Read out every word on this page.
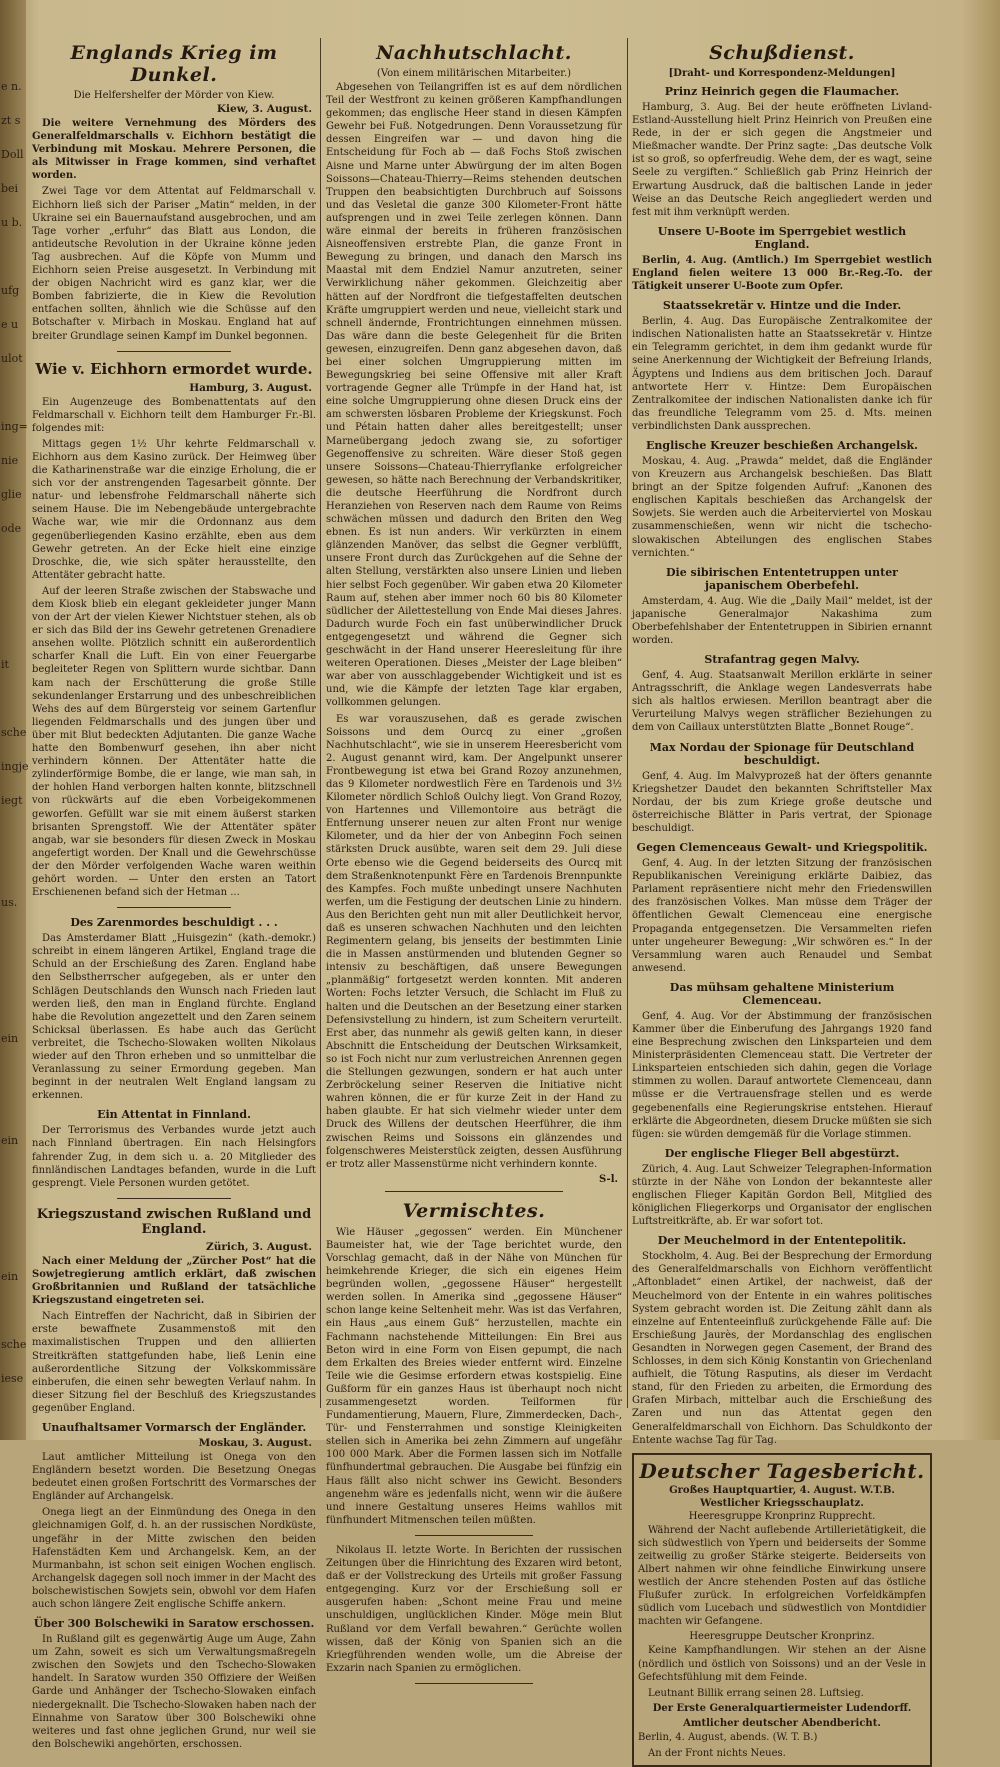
e n.
zt s
Doll
bei
u b.
ufg
e u
ulot
ing=
nie
glie
ode
it
sche
ingje
iegt
us.
ein
ein
ein
sche
iese
Englands Krieg im Dunkel.
Die Helfershelfer der Mörder von Kiew.
Kiew, 3. August.

Die weitere Vernehmung des Mörders des Generalfeldmarschalls v. Eichhorn bestätigt die Verbindung mit Moskau. Mehrere Personen, die als Mitwisser in Frage kommen, sind verhaftet worden.

Zwei Tage vor dem Attentat auf Feldmarschall v. Eichhorn ließ sich der Pariser „Matin“ melden, in der Ukraine sei ein Bauernaufstand ausgebrochen, und am Tage vorher „erfuhr“ das Blatt aus London, die antideutsche Revolution in der Ukraine könne jeden Tag ausbrechen. Auf die Köpfe von Mumm und Eichhorn seien Preise ausgesetzt. In Verbindung mit der obigen Nachricht wird es ganz klar, wer die Bomben fabrizierte, die in Kiew die Revolution entfachen sollten, ähnlich wie die Schüsse auf den Botschafter v. Mirbach in Moskau. England hat auf breiter Grundlage seinen Kampf im Dunkel begonnen.

Wie v. Eichhorn ermordet wurde.
Hamburg, 3. August.

Ein Augenzeuge des Bombenattentats auf den Feldmarschall v. Eichhorn teilt dem Hamburger Fr.-Bl. folgendes mit:

Mittags gegen 1½ Uhr kehrte Feldmarschall v. Eichhorn aus dem Kasino zurück. Der Heimweg über die Katharinenstraße war die einzige Erholung, die er sich vor der anstrengenden Tagesarbeit gönnte. Der natur- und lebensfrohe Feldmarschall näherte sich seinem Hause. Die im Nebengebäude untergebrachte Wache war, wie mir die Ordonnanz aus dem gegenüberliegenden Kasino erzählte, eben aus dem Gewehr getreten. An der Ecke hielt eine einzige Droschke, die, wie sich später herausstellte, den Attentäter gebracht hatte.

Auf der leeren Straße zwischen der Stabswache und dem Kiosk blieb ein elegant gekleideter junger Mann von der Art der vielen Kiewer Nichtstuer stehen, als ob er sich das Bild der ins Gewehr getretenen Grenadiere ansehen wollte. Plötzlich schnitt ein außerordentlich scharfer Knall die Luft. Ein von einer Feuergarbe begleiteter Regen von Splittern wurde sichtbar. Dann kam nach der Erschütterung die große Stille sekundenlanger Erstarrung und des unbeschreiblichen Wehs des auf dem Bürgersteig vor seinem Gartenflur liegenden Feldmarschalls und des jungen über und über mit Blut bedeckten Adjutanten. Die ganze Wache hatte den Bombenwurf gesehen, ihn aber nicht verhindern können. Der Attentäter hatte die zylinderförmige Bombe, die er lange, wie man sah, in der hohlen Hand verborgen halten konnte, blitzschnell von rückwärts auf die eben Vorbeigekommenen geworfen. Gefüllt war sie mit einem äußerst starken brisanten Sprengstoff. Wie der Attentäter später angab, war sie besonders für diesen Zweck in Moskau angefertigt worden. Der Knall und die Gewehrschüsse der den Mörder verfolgenden Wache waren weithin gehört worden. — Unter den ersten an Tatort Erschienenen befand sich der Hetman ...

Des Zarenmordes beschuldigt . . .

Das Amsterdamer Blatt „Huisgezin“ (kath.-demokr.) schreibt in einem längeren Artikel, England trage die Schuld an der Erschießung des Zaren. England habe den Selbstherrscher aufgegeben, als er unter den Schlägen Deutschlands den Wunsch nach Frieden laut werden ließ, den man in England fürchte. England habe die Revolution angezettelt und den Zaren seinem Schicksal überlassen. Es habe auch das Gerücht verbreitet, die Tschecho-Slowaken wollten Nikolaus wieder auf den Thron erheben und so unmittelbar die Veranlassung zu seiner Ermordung gegeben. Man beginnt in der neutralen Welt England langsam zu erkennen.

Ein Attentat in Finnland.

Der Terrorismus des Verbandes wurde jetzt auch nach Finnland übertragen. Ein nach Helsingfors fahrender Zug, in dem sich u. a. 20 Mitglieder des finnländischen Landtages befanden, wurde in die Luft gesprengt. Viele Personen wurden getötet.

Kriegszustand zwischen Rußland und England.
Zürich, 3. August.

Nach einer Meldung der „Zürcher Post“ hat die Sowjetregierung amtlich erklärt, daß zwischen Großbritannien und Rußland der tatsächliche Kriegszustand eingetreten sei.

Nach Eintreffen der Nachricht, daß in Sibirien der erste bewaffnete Zusammenstoß mit den maximalistischen Truppen und den alliierten Streitkräften stattgefunden habe, ließ Lenin eine außerordentliche Sitzung der Volkskommissäre einberufen, die einen sehr bewegten Verlauf nahm. In dieser Sitzung fiel der Beschluß des Kriegszustandes gegenüber England.

Unaufhaltsamer Vormarsch der Engländer.
Moskau, 3. August.

Laut amtlicher Mitteilung ist Onega von den Engländern besetzt worden. Die Besetzung Onegas bedeutet einen großen Fortschritt des Vormarsches der Engländer auf Archangelsk.

Onega liegt an der Einmündung des Onega in den gleichnamigen Golf, d. h. an der russischen Nordküste, ungefähr in der Mitte zwischen den beiden Hafenstädten Kem und Archangelsk. Kem, an der Murmanbahn, ist schon seit einigen Wochen englisch. Archangelsk dagegen soll noch immer in der Macht des bolschewistischen Sowjets sein, obwohl vor dem Hafen auch schon längere Zeit englische Schiffe ankern.

Über 300 Bolschewiki in Saratow erschossen.

In Rußland gilt es gegenwärtig Auge um Auge, Zahn um Zahn, soweit es sich um Verwaltungsmaßregeln zwischen den Sowjets und den Tschecho-Slowaken handelt. In Saratow wurden 350 Offiziere der Weißen Garde und Anhänger der Tschecho-Slowaken einfach niedergeknallt. Die Tschecho-Slowaken haben nach der Einnahme von Saratow über 300 Bolschewiki ohne weiteres und fast ohne jeglichen Grund, nur weil sie den Bolschewiki angehörten, erschossen.

Nachhutschlacht.
(Von einem militärischen Mitarbeiter.)

Abgesehen von Teilangriffen ist es auf dem nördlichen Teil der Westfront zu keinen größeren Kampfhandlungen gekommen; das englische Heer stand in diesen Kämpfen Gewehr bei Fuß. Notgedrungen. Denn Voraussetzung für dessen Eingreifen war — und davon hing die Entscheidung für Foch ab — daß Fochs Stoß zwischen Aisne und Marne unter Abwürgung der im alten Bogen Soissons—Chateau-Thierry—Reims stehenden deutschen Truppen den beabsichtigten Durchbruch auf Soissons und das Vesletal die ganze 300 Kilometer-Front hätte aufsprengen und in zwei Teile zerlegen können. Dann wäre einmal der bereits in früheren französischen Aisneoffensiven erstrebte Plan, die ganze Front in Bewegung zu bringen, und danach den Marsch ins Maastal mit dem Endziel Namur anzutreten, seiner Verwirklichung näher gekommen. Gleichzeitig aber hätten auf der Nordfront die tiefgestaffelten deutschen Kräfte umgruppiert werden und neue, vielleicht stark und schnell ändernde, Frontrichtungen einnehmen müssen. Das wäre dann die beste Gelegenheit für die Briten gewesen, einzugreifen. Denn ganz abgesehen davon, daß bei einer solchen Umgruppierung mitten im Bewegungskrieg bei seine Offensive mit aller Kraft vortragende Gegner alle Trümpfe in der Hand hat, ist eine solche Umgruppierung ohne diesen Druck eins der am schwersten lösbaren Probleme der Kriegskunst. Foch und Pétain hatten daher alles bereitgestellt; unser Marneübergang jedoch zwang sie, zu sofortiger Gegenoffensive zu schreiten. Wäre dieser Stoß gegen unsere Soissons—Chateau-Thierryflanke erfolgreicher gewesen, so hätte nach Berechnung der Verbandskritiker, die deutsche Heerführung die Nordfront durch Heranziehen von Reserven nach dem Raume von Reims schwächen müssen und dadurch den Briten den Weg ebnen. Es ist nun anders. Wir verkürzten in einem glänzenden Manöver, das selbst die Gegner verblüfft, unsere Front durch das Zurückgehen auf die Sehne der alten Stellung, verstärkten also unsere Linien und lieben hier selbst Foch gegenüber. Wir gaben etwa 20 Kilometer Raum auf, stehen aber immer noch 60 bis 80 Kilometer südlicher der Ailettestellung von Ende Mai dieses Jahres. Dadurch wurde Foch ein fast unüberwindlicher Druck entgegengesetzt und während die Gegner sich geschwächt in der Hand unserer Heeresleitung für ihre weiteren Operationen. Dieses „Meister der Lage bleiben“ war aber von ausschlaggebender Wichtigkeit und ist es und, wie die Kämpfe der letzten Tage klar ergaben, vollkommen gelungen.

Es war vorauszusehen, daß es gerade zwischen Soissons und dem Ourcq zu einer „großen Nachhutschlacht“, wie sie in unserem Heeresbericht vom 2. August genannt wird, kam. Der Angelpunkt unserer Frontbewegung ist etwa bei Grand Rozoy anzunehmen, das 9 Kilometer nordwestlich Fère en Tardenois und 3½ Kilometer nördlich Schloß Oulchy liegt. Von Grand Rozoy, von Hartennes und Villemontoire aus beträgt die Entfernung unserer neuen zur alten Front nur wenige Kilometer, und da hier der von Anbeginn Foch seinen stärksten Druck ausübte, waren seit dem 29. Juli diese Orte ebenso wie die Gegend beiderseits des Ourcq mit dem Straßenknotenpunkt Fère en Tardenois Brennpunkte des Kampfes. Foch mußte unbedingt unsere Nachhuten werfen, um die Festigung der deutschen Linie zu hindern. Aus den Berichten geht nun mit aller Deutlichkeit hervor, daß es unseren schwachen Nachhuten und den leichten Regimentern gelang, bis jenseits der bestimmten Linie die in Massen anstürmenden und blutenden Gegner so intensiv zu beschäftigen, daß unsere Bewegungen „planmäßig“ fortgesetzt werden konnten. Mit anderen Worten: Fochs letzter Versuch, die Schlacht im Fluß zu halten und die Deutschen an der Besetzung einer starken Defensivstellung zu hindern, ist zum Scheitern verurteilt. Erst aber, das nunmehr als gewiß gelten kann, in dieser Abschnitt die Entscheidung der Deutschen Wirksamkeit, so ist Foch nicht nur zum verlustreichen Anrennen gegen die Stellungen gezwungen, sondern er hat auch unter Zerbröckelung seiner Reserven die Initiative nicht wahren können, die er für kurze Zeit in der Hand zu haben glaubte. Er hat sich vielmehr wieder unter dem Druck des Willens der deutschen Heerführer, die ihm zwischen Reims und Soissons ein glänzendes und folgenschweres Meisterstück zeigten, dessen Ausführung er trotz aller Massenstürme nicht verhindern konnte.

S-l.
Vermischtes.

Wie Häuser „gegossen“ werden. Ein Münchener Baumeister hat, wie der Tage berichtet wurde, den Vorschlag gemacht, daß in der Nähe von München für heimkehrende Krieger, die sich ein eigenes Heim begründen wollen, „gegossene Häuser“ hergestellt werden sollen. In Amerika sind „gegossene Häuser“ schon lange keine Seltenheit mehr. Was ist das Verfahren, ein Haus „aus einem Guß“ herzustellen, machte ein Fachmann nachstehende Mitteilungen: Ein Brei aus Beton wird in eine Form von Eisen gepumpt, die nach dem Erkalten des Breies wieder entfernt wird. Einzelne Teile wie die Gesimse erfordern etwas kostspielig. Eine Gußform für ein ganzes Haus ist überhaupt noch nicht zusammengesetzt worden. Teilformen für Fundamentierung, Mauern, Flure, Zimmerdecken, Dach-, Tür- und Fensterrahmen und sonstige Kleinigkeiten stellen sich in Amerika bei zehn Zimmern auf ungefähr 100 000 Mark. Aber die Formen lassen sich im Notfalle fünfhundertmal gebrauchen. Die Ausgabe bei fünfzig ein Haus fällt also nicht schwer ins Gewicht. Besonders angenehm wäre es jedenfalls nicht, wenn wir die äußere und innere Gestaltung unseres Heims wahllos mit fünfhundert Mitmenschen teilen müßten.

Nikolaus II. letzte Worte. In Berichten der russischen Zeitungen über die Hinrichtung des Exzaren wird betont, daß er der Vollstreckung des Urteils mit großer Fassung entgegenging. Kurz vor der Erschießung soll er ausgerufen haben: „Schont meine Frau und meine unschuldigen, unglücklichen Kinder. Möge mein Blut Rußland vor dem Verfall bewahren.“ Gerüchte wollen wissen, daß der König von Spanien sich an die Kriegführenden wenden wolle, um die Abreise der Exzarin nach Spanien zu ermöglichen.

Schußdienst.
[Draht- und Korrespondenz-Meldungen]
Prinz Heinrich gegen die Flaumacher.

Hamburg, 3. Aug. Bei der heute eröffneten Livland-Estland-Ausstellung hielt Prinz Heinrich von Preußen eine Rede, in der er sich gegen die Angstmeier und Mießmacher wandte. Der Prinz sagte: „Das deutsche Volk ist so groß, so opferfreudig. Wehe dem, der es wagt, seine Seele zu vergiften.“ Schließlich gab Prinz Heinrich der Erwartung Ausdruck, daß die baltischen Lande in jeder Weise an das Deutsche Reich angegliedert werden und fest mit ihm verknüpft werden.

Unsere U-Boote im Sperrgebiet westlich England.

Berlin, 4. Aug. (Amtlich.) Im Sperrgebiet westlich England fielen weitere 13 000 Br.-Reg.-To. der Tätigkeit unserer U-Boote zum Opfer.

Staatssekretär v. Hintze und die Inder.

Berlin, 4. Aug. Das Europäische Zentralkomitee der indischen Nationalisten hatte an Staatssekretär v. Hintze ein Telegramm gerichtet, in dem ihm gedankt wurde für seine Anerkennung der Wichtigkeit der Befreiung Irlands, Ägyptens und Indiens aus dem britischen Joch. Darauf antwortete Herr v. Hintze: Dem Europäischen Zentralkomitee der indischen Nationalisten danke ich für das freundliche Telegramm vom 25. d. Mts. meinen verbindlichsten Dank aussprechen.

Englische Kreuzer beschießen Archangelsk.

Moskau, 4. Aug. „Prawda“ meldet, daß die Engländer von Kreuzern aus Archangelsk beschießen. Das Blatt bringt an der Spitze folgenden Aufruf: „Kanonen des englischen Kapitals beschießen das Archangelsk der Sowjets. Sie werden auch die Arbeiterviertel von Moskau zusammenschießen, wenn wir nicht die tschecho-slowakischen Abteilungen des englischen Stabes vernichten.“

Die sibirischen Ententetruppen unter japanischem Oberbefehl.

Amsterdam, 4. Aug. Wie die „Daily Mail“ meldet, ist der japanische Generalmajor Nakashima zum Oberbefehlshaber der Ententetruppen in Sibirien ernannt worden.

Strafantrag gegen Malvy.

Genf, 4. Aug. Staatsanwalt Merillon erklärte in seiner Antragsschrift, die Anklage wegen Landesverrats habe sich als haltlos erwiesen. Merillon beantragt aber die Verurteilung Malvys wegen sträflicher Beziehungen zu dem von Caillaux unterstützten Blatte „Bonnet Rouge“.

Max Nordau der Spionage für Deutschland beschuldigt.

Genf, 4. Aug. Im Malvyprozeß hat der öfters genannte Kriegshetzer Daudet den bekannten Schriftsteller Max Nordau, der bis zum Kriege große deutsche und österreichische Blätter in Paris vertrat, der Spionage beschuldigt.

Gegen Clemenceaus Gewalt- und Kriegspolitik.

Genf, 4. Aug. In der letzten Sitzung der französischen Republikanischen Vereinigung erklärte Daibiez, das Parlament repräsentiere nicht mehr den Friedenswillen des französischen Volkes. Man müsse dem Träger der öffentlichen Gewalt Clemenceau eine energische Propaganda entgegensetzen. Die Versammelten riefen unter ungeheurer Bewegung: „Wir schwören es.“ In der Versammlung waren auch Renaudel und Sembat anwesend.

Das mühsam gehaltene Ministerium Clemenceau.

Genf, 4. Aug. Vor der Abstimmung der französischen Kammer über die Einberufung des Jahrgangs 1920 fand eine Besprechung zwischen den Linksparteien und dem Ministerpräsidenten Clemenceau statt. Die Vertreter der Linksparteien entschieden sich dahin, gegen die Vorlage stimmen zu wollen. Darauf antwortete Clemenceau, dann müsse er die Vertrauensfrage stellen und es werde gegebenenfalls eine Regierungskrise entstehen. Hierauf erklärte die Abgeordneten, diesem Drucke müßten sie sich fügen: sie würden demgemäß für die Vorlage stimmen.

Der englische Flieger Bell abgestürzt.

Zürich, 4. Aug. Laut Schweizer Telegraphen-Information stürzte in der Nähe von London der bekannteste aller englischen Flieger Kapitän Gordon Bell, Mitglied des königlichen Fliegerkorps und Organisator der englischen Luftstreitkräfte, ab. Er war sofort tot.

Der Meuchelmord in der Ententepolitik.

Stockholm, 4. Aug. Bei der Besprechung der Ermordung des Generalfeldmarschalls von Eichhorn veröffentlicht „Aftonbladet“ einen Artikel, der nachweist, daß der Meuchelmord von der Entente in ein wahres politisches System gebracht worden ist. Die Zeitung zählt dann als einzelne auf Ententeeinfluß zurückgehende Fälle auf: Die Erschießung Jaurès, der Mordanschlag des englischen Gesandten in Norwegen gegen Casement, der Brand des Schlosses, in dem sich König Konstantin von Griechenland aufhielt, die Tötung Rasputins, als dieser im Verdacht stand, für den Frieden zu arbeiten, die Ermordung des Grafen Mirbach, mittelbar auch die Erschießung des Zaren und nun das Attentat gegen den Generalfeldmarschall von Eichhorn. Das Schuldkonto der Entente wachse Tag für Tag.

Deutscher Tagesbericht.
Großes Hauptquartier, 4. August. W.T.B.
Westlicher Kriegsschauplatz.
Heeresgruppe Kronprinz Rupprecht.

Während der Nacht auflebende Artillerietätigkeit, die sich südwestlich von Ypern und beiderseits der Somme zeitweilig zu großer Stärke steigerte. Beiderseits von Albert nahmen wir ohne feindliche Einwirkung unsere westlich der Ancre stehenden Posten auf das östliche Flußufer zurück. In erfolgreichen Vorfeldkämpfen südlich vom Lucebach und südwestlich von Montdidier machten wir Gefangene.

Heeresgruppe Deutscher Kronprinz.

Keine Kampfhandlungen. Wir stehen an der Aisne (nördlich und östlich von Soissons) und an der Vesle in Gefechtsfühlung mit dem Feinde.

Leutnant Billik errang seinen 28. Luftsieg.

Der Erste Generalquartiermeister Ludendorff.
Amtlicher deutscher Abendbericht.

Berlin, 4. August, abends. (W. T. B.)

An der Front nichts Neues.
